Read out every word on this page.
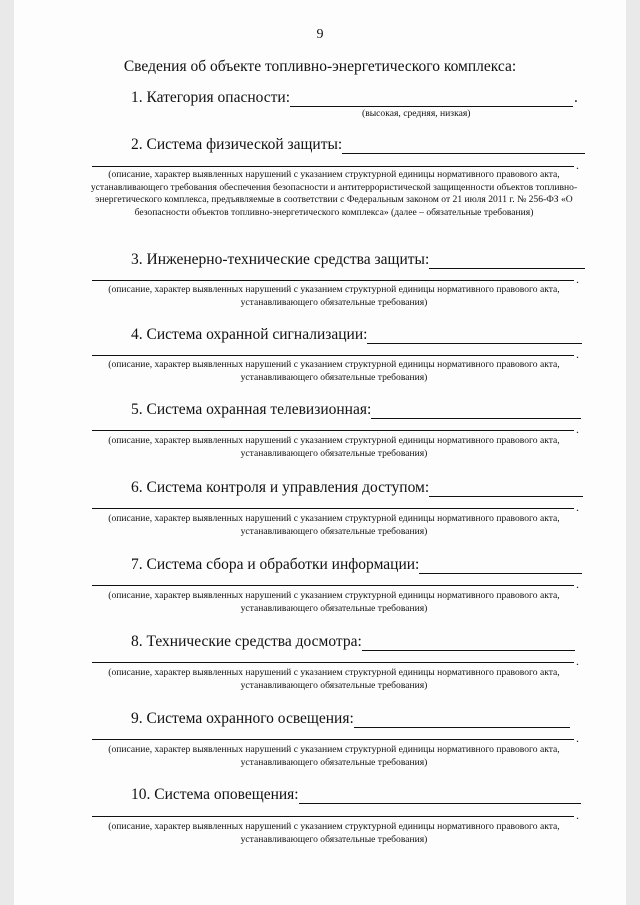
9
Сведения об объекте топливно-энергетического комплекса:
1. Категория опасности:	.
(высокая, средняя, низкая)
2. Система физической защиты:
.
(описание, характер выявленных нарушений с указанием структурной единицы нормативного правового акта, устанавливающего требования обеспечения безопасности и антитеррористической защищенности объектов топливно-энергетического комплекса, предъявляемые в соответствии с Федеральным законом от 21 июля 2011 г. № 256-ФЗ «О безопасности объектов топливно-энергетического комплекса» (далее – обязательные требования)
3. Инженерно-технические средства защиты:
.
(описание, характер выявленных нарушений с указанием структурной единицы нормативного правового акта, устанавливающего обязательные требования)
4. Система охранной сигнализации:
.
(описание, характер выявленных нарушений с указанием структурной единицы нормативного правового акта, устанавливающего обязательные требования)
5. Система охранная телевизионная:
.
(описание, характер выявленных нарушений с указанием структурной единицы нормативного правового акта, устанавливающего обязательные требования)
6. Система контроля и управления доступом:
.
(описание, характер выявленных нарушений с указанием структурной единицы нормативного правового акта, устанавливающего обязательные требования)
7. Система сбора и обработки информации:
.
(описание, характер выявленных нарушений с указанием структурной единицы нормативного правового акта, устанавливающего обязательные требования)
8. Технические средства досмотра:
.
(описание, характер выявленных нарушений с указанием структурной единицы нормативного правового акта, устанавливающего обязательные требования)
9. Система охранного освещения:
.
(описание, характер выявленных нарушений с указанием структурной единицы нормативного правового акта, устанавливающего обязательные требования)
10. Система оповещения:
.
(описание, характер выявленных нарушений с указанием структурной единицы нормативного правового акта, устанавливающего обязательные требования)
